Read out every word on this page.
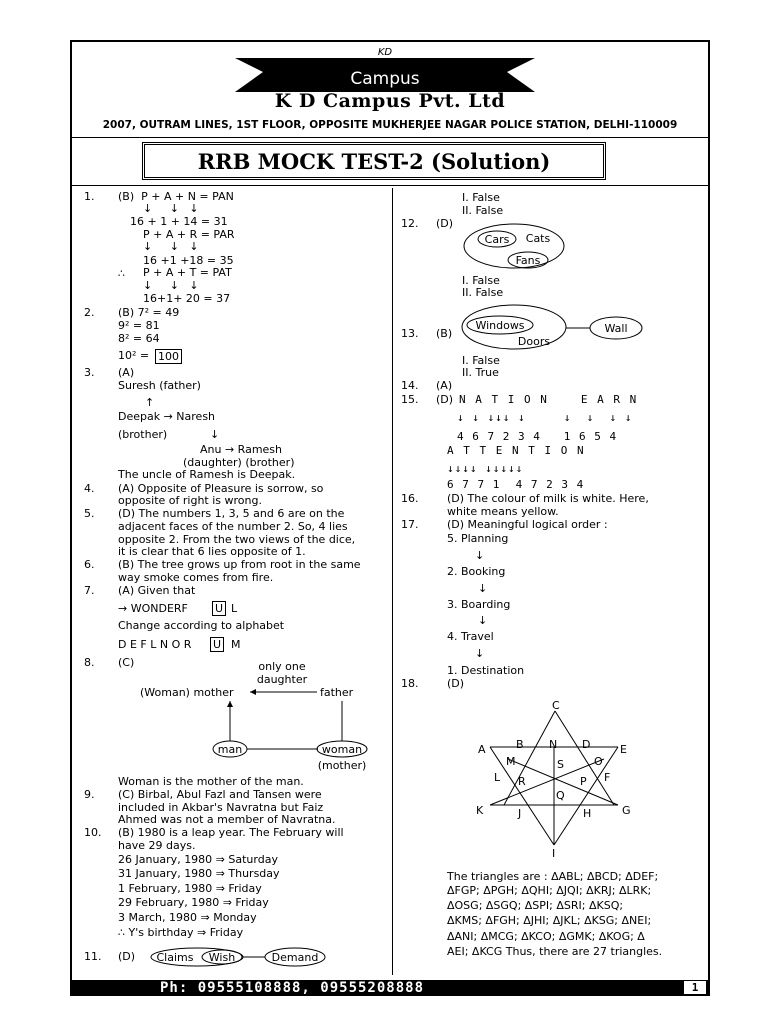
KD
Campus
K D Campus Pvt. Ltd
2007, OUTRAM LINES, 1ST FLOOR, OPPOSITE MUKHERJEE NAGAR POLICE STATION, DELHI-110009
RRB MOCK TEST-2 (Solution)
1. (B)  P + A + N = PAN
↓     ↓   ↓
16 + 1 + 14 = 31
P + A + R = PAR
↓     ↓   ↓
16 +1 +18 = 35
∴ P + A + T = PAT
↓     ↓   ↓
16+1+ 20 = 37
2. (B) 7² = 49
9² = 81
8² = 64
10² = 100
3. (A)
Suresh (father)
↑
Deepak → Naresh
(brother)	↓
Anu → Ramesh
(daughter) (brother)
The uncle of Ramesh is Deepak.
4. (A) Opposite of Pleasure is sorrow, so
opposite of right is wrong.
5. (D) The numbers 1, 3, 5 and 6 are on the
adjacent faces of the number 2. So, 4 lies
opposite 2. From the two views of the dice,
it is clear that 6 lies opposite of 1.
6. (B) The tree grows up from root in the same
way smoke comes from fire.
7. (A) Given that
→ WONDERF U L
Change according to alphabet
D E F L N O R U M
8. (C)	only one
daughter
(Woman) mother	father
man	woman
(mother)
Woman is the mother of the man.
9. (C) Birbal, Abul Fazl and Tansen were
included in Akbar's Navratna but Faiz
Ahmed was not a member of Navratna.
10. (B) 1980 is a leap year. The February will
have 29 days.
26 January, 1980 ⇒ Saturday
31 January, 1980 ⇒ Thursday
1 February, 1980 ⇒ Friday
29 February, 1980 ⇒ Friday
3 March, 1980 ⇒ Monday
∴ Y's birthday ⇒ Friday
11. (D) Claims Wish	Demand
I. False
II. False
12. (D)
Cars Cats
Fans
I. False
II. False
13. (B)
Windows
Doors
Wall
I. False
II. True
14. (A)
15. (D) N A T I O N    E A R N
↓ ↓ ↓↓↓ ↓     ↓  ↓  ↓ ↓
4 6 7 2 3 4   1 6 5 4
A T T E N T I O N
↓↓↓↓ ↓↓↓↓↓
6 7 7 1  4 7 2 3 4
16.	(D) The colour of milk is white. Here,
white means yellow.
17.	(D) Meaningful logical order :
5. Planning
↓
2. Booking
↓
3. Boarding
↓
4. Travel
↓
1. Destination
18.	(D)
C
A	B N D	E
M	S	O
L R	P F
Q
K	J	H	G
I
The triangles are : ΔABL; ΔBCD; ΔDEF;
ΔFGP; ΔPGH; ΔQHI; ΔJQI; ΔKRJ; ΔLRK;
ΔOSG; ΔSGQ; ΔSPI; ΔSRI; ΔKSQ;
ΔKMS; ΔFGH; ΔJHI; ΔJKL; ΔKSG; ΔNEI;
ΔANI; ΔMCG; ΔKCO; ΔGMK; ΔKOG; Δ
AEI; ΔKCG Thus, there are 27 triangles.
Ph: 09555108888, 09555208888	1
